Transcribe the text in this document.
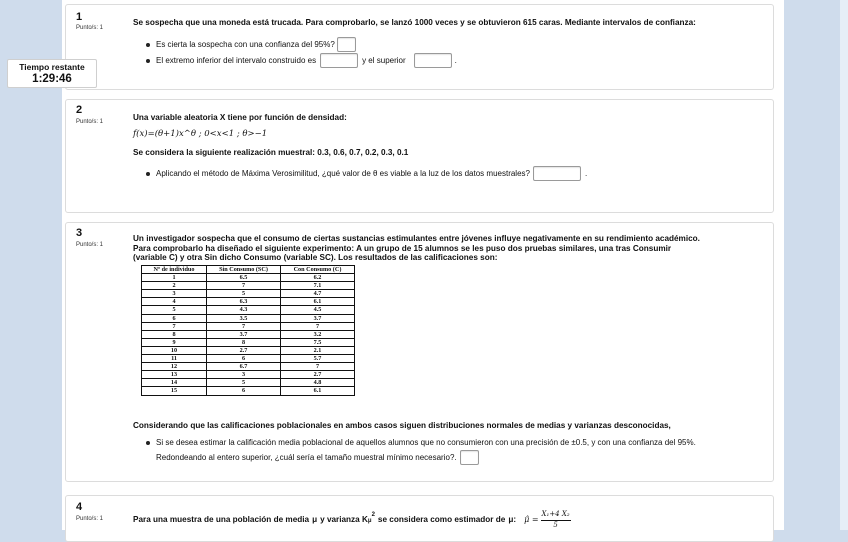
1
Punto/s: 1
Se sospecha que una moneda está trucada. Para comprobarlo, se lanzó 1000 veces y se obtuvieron 615 caras. Mediante intervalos de confianza:
Es cierta la sospecha con una confianza del 95%?
El extremo inferior del intervalo construido es	y el superior	.
2
Punto/s: 1	Una variable aleatoria X tiene por función de densidad:
f(x)=(θ+1)x^θ ; 0<x<1 ; θ>−1
Se considera la siguiente realización muestral: 0.3, 0.6, 0.7, 0.2, 0.3, 0.1
Aplicando el método de Máxima Verosimilitud, ¿qué valor de θ es viable a la luz de los datos muestrales?	.
3
Punto/s: 1
Un investigador sospecha que el consumo de ciertas sustancias estimulantes entre jóvenes influye negativamente en su rendimiento académico.
Para comprobarlo ha diseñado el siguiente experimento: A un grupo de 15 alumnos se les puso dos pruebas similares, una tras Consumir
(variable C) y otra Sin dicho Consumo (variable SC). Los resultados de las calificaciones son:
Nº de individuo	Sin Consumo (SC)	Con Consumo (C)
1	6.5	6.2
2	7	7.1
3	5	4.7
4	6.3	6.1
5	4.3	4.5
6	3.5	3.7
7	7	7
8	3.7	3.2
9	8	7.5
10	2.7	2.1
11	6	5.7
12	6.7	7
13	3	2.7
14	5	4.8
15	6	6.1
Considerando que las calificaciones poblacionales en ambos casos siguen distribuciones normales de medias y varianzas desconocidas,
Si se desea estimar la calificación media poblacional de aquellos alumnos que no consumieron con una precisión de ±0.5, y con una confianza del 95%.
Redondeando al entero superior, ¿cuál sería el tamaño muestral mínimo necesario?.
4
Punto/s: 1	Para una muestra de una población de media μ y varianza K μ
2 se considera como estimador de μ : μ̂ = $\frac{\text{X₁+4 X₂}}{5}$
Tiempo restante
1:29:46
